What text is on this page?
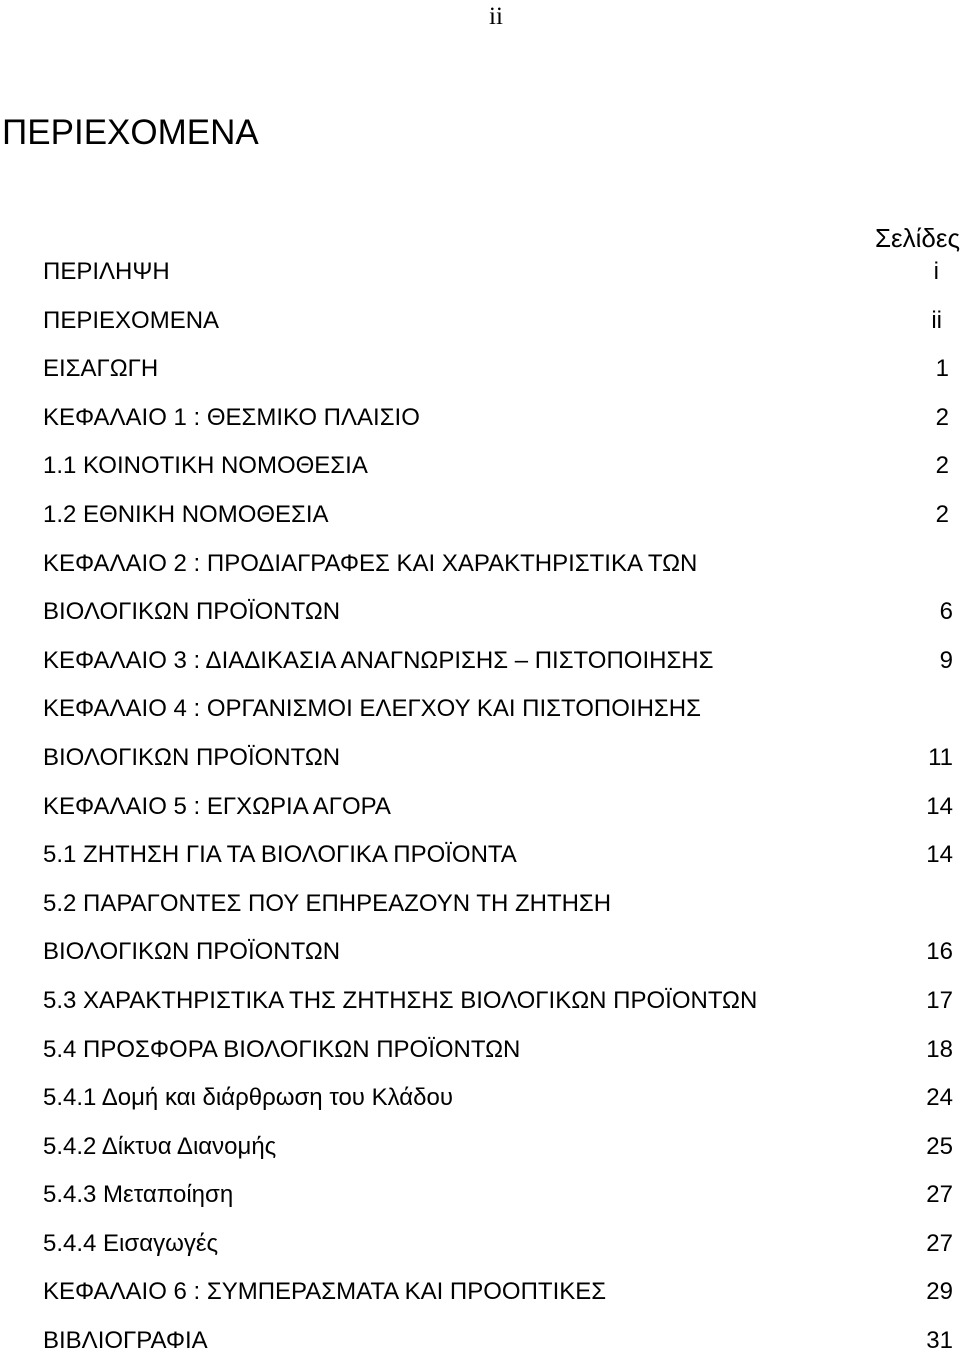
ii
ΠΕΡΙΕΧΟΜΕΝΑ
Σελίδες
ΠΕΡΙΛΗΨΗ	i
ΠΕΡΙΕΧΟΜΕΝΑ	ii
ΕΙΣΑΓΩΓΗ	1
ΚΕΦΑΛΑΙΟ 1 : ΘΕΣΜΙΚΟ ΠΛΑΙΣΙΟ	2
1.1 ΚΟΙΝΟΤΙΚΗ ΝΟΜΟΘΕΣΙΑ	2
1.2 ΕΘΝΙΚΗ ΝΟΜΟΘΕΣΙΑ	2
ΚΕΦΑΛΑΙΟ 2 : ΠΡΟΔΙΑΓΡΑΦΕΣ ΚΑΙ ΧΑΡΑΚΤΗΡΙΣΤΙΚΑ ΤΩΝ
ΒΙΟΛΟΓΙΚΩΝ ΠΡΟΪΟΝΤΩΝ	6
ΚΕΦΑΛΑΙΟ 3 : ΔΙΑΔΙΚΑΣΙΑ ΑΝΑΓΝΩΡΙΣΗΣ – ΠΙΣΤΟΠΟΙΗΣΗΣ	9
ΚΕΦΑΛΑΙΟ 4 : ΟΡΓΑΝΙΣΜΟΙ ΕΛΕΓΧΟΥ ΚΑΙ ΠΙΣΤΟΠΟΙΗΣΗΣ
ΒΙΟΛΟΓΙΚΩΝ ΠΡΟΪΟΝΤΩΝ	11
ΚΕΦΑΛΑΙΟ 5 : ΕΓΧΩΡΙΑ ΑΓΟΡΑ	14
5.1 ΖΗΤΗΣΗ ΓΙΑ ΤΑ ΒΙΟΛΟΓΙΚΑ ΠΡΟΪΟΝΤΑ	14
5.2 ΠΑΡΑΓΟΝΤΕΣ ΠΟΥ ΕΠΗΡΕΑΖΟΥΝ ΤΗ ΖΗΤΗΣΗ
ΒΙΟΛΟΓΙΚΩΝ ΠΡΟΪΟΝΤΩΝ	16
5.3 ΧΑΡΑΚΤΗΡΙΣΤΙΚΑ ΤΗΣ ΖΗΤΗΣΗΣ ΒΙΟΛΟΓΙΚΩΝ ΠΡΟΪΟΝΤΩΝ	17
5.4 ΠΡΟΣΦΟΡΑ ΒΙΟΛΟΓΙΚΩΝ ΠΡΟΪΟΝΤΩΝ	18
5.4.1 Δομή και διάρθρωση του Κλάδου	24
5.4.2 Δίκτυα Διανομής	25
5.4.3 Μεταποίηση	27
5.4.4 Εισαγωγές	27
ΚΕΦΑΛΑΙΟ 6 : ΣΥΜΠΕΡΑΣΜΑΤΑ ΚΑΙ ΠΡΟΟΠΤΙΚΕΣ	29
ΒΙΒΛΙΟΓΡΑΦΙΑ	31
